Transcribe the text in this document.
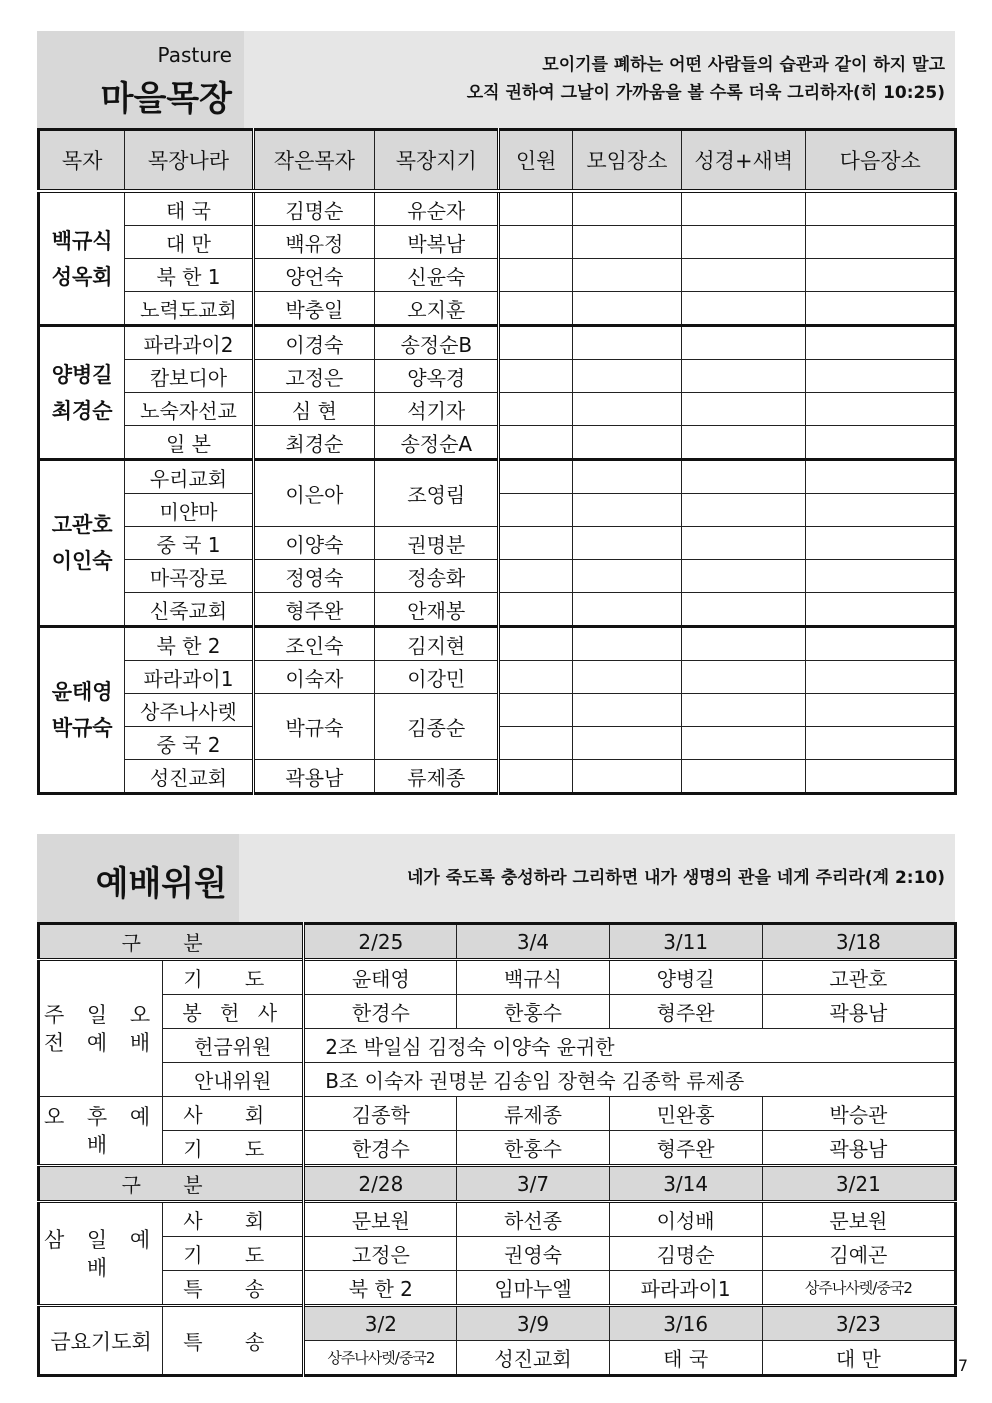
Pasture
마을목장
모이기를 폐하는 어떤 사람들의 습관과 같이 하지 말고
오직 권하여 그날이 가까움을 볼 수록 더욱 그리하자(히 10:25)
목자	목장나라	작은목자	목장지기	인원	모임장소	성경+새벽	다음장소
백규식 성옥회	태 국	김명순	유순자				
	대 만	백유정	박복남				
	북 한 1	양언숙	신윤숙				
	노력도교회	박충일	오지훈				
양병길 최경순	파라과이2	이경숙	송정순B				
	캄보디아	고정은	양옥경				
	노숙자선교	심 현	석기자				
	일 본	최경순	송정순A				
고관호 이인숙	우리교회	이은아	조영림				
	미얀마						
	중 국 1	이양숙	권명분				
	마곡장로	정영숙	정송화				
	신죽교회	형주완	안재봉				
윤태영 박규숙	북 한 2	조인숙	김지현				
	파라과이1	이숙자	이강민				
	상주나사렛	박규숙	김종순				
	중 국 2						
	성진교회	곽용남	류제종				
예배위원	네가 죽도록 충성하라 그리하면 내가 생명의 관을 네게 주리라(계 2:10)
구 분		2/25	3/4	3/11	3/18
주 일 오 전 예 배	기 도	윤태영	백규식	양병길	고관호
	봉 헌 사	한경수	한홍수	형주완	곽용남
	헌금위원	2조 박일심 김정숙 이양숙 윤귀한			
	안내위원	B조 이숙자 권명분 김송임 장현숙 김종학 류제종			
오 후 예 배	사 회	김종학	류제종	민완홍	박승관
	기 도	한경수	한홍수	형주완	곽용남
구 분		2/28	3/7	3/14	3/21
삼 일 예 배	사 회	문보원	하선종	이성배	문보원
	기 도	고정은	권영숙	김명순	김예곤
	특 송	북 한 2	임마누엘	파라과이1	상주나사렛/중국2
금요기도회	특 송	3/2	3/9	3/16	3/23
		상주나사렛/중국2	성진교회	태 국	대 만	7
